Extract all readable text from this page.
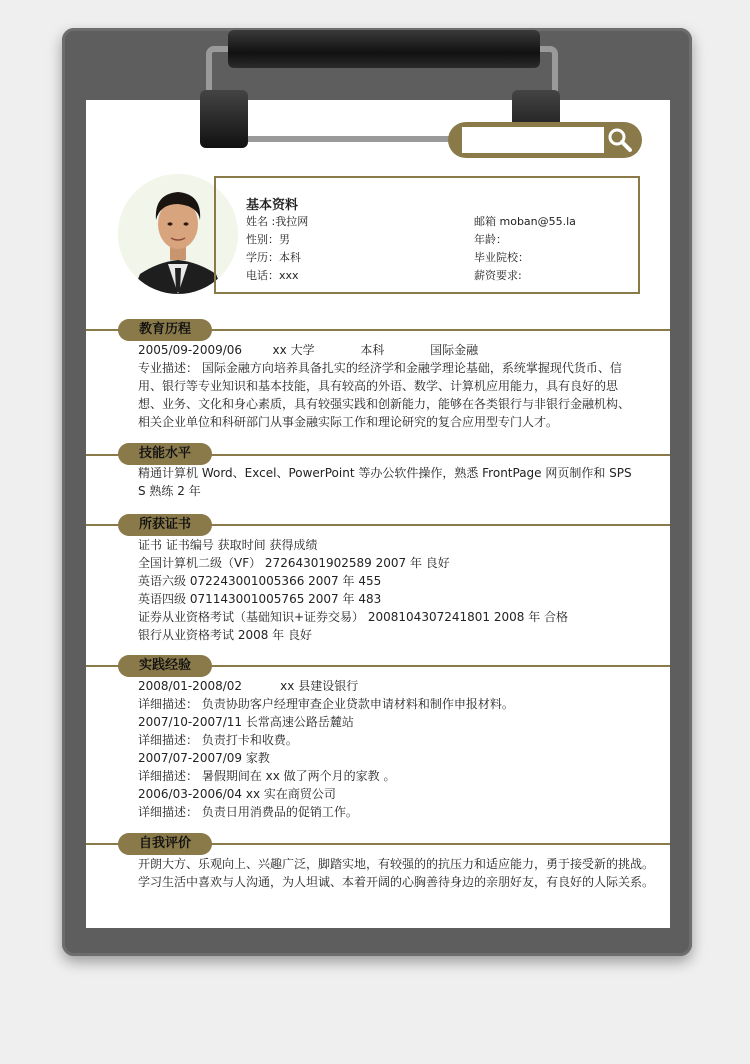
基本资料
姓名 :我拉网
性别：男
学历：本科
电话：xxx
邮箱 moban@55.la
年龄：
毕业院校：
薪资要求:
教育历程
2005/09-2009/06        xx 大学            本科            国际金融
专业描述： 国际金融方向培养具备扎实的经济学和金融学理论基础，系统掌握现代货币、信用、银行等专业知识和基本技能，具有较高的外语、数学、计算机应用能力，具有良好的思想、业务、文化和身心素质，具有较强实践和创新能力，能够在各类银行与非银行金融机构、相关企业单位和科研部门从事金融实际工作和理论研究的复合应用型专门人才。
技能水平
精通计算机 Word、Excel、PowerPoint 等办公软件操作，熟悉 FrontPage 网页制作和 SPSS 熟练 2 年
所获证书
证书 证书编号 获取时间 获得成绩
全国计算机二级（VF） 27264301902589 2007 年 良好
英语六级 072243001005366 2007 年 455
英语四级 071143001005765 2007 年 483
证券从业资格考试（基础知识+证券交易） 2008104307241801 2008 年 合格
银行从业资格考试 2008 年 良好
实践经验
2008/01-2008/02          xx 县建设银行
详细描述： 负责协助客户经理审查企业贷款申请材料和制作申报材料。
2007/10-2007/11 长常高速公路岳麓站
详细描述： 负责打卡和收费。
2007/07-2007/09 家教
详细描述： 暑假期间在 xx 做了两个月的家教 。
2006/03-2006/04 xx 实在商贸公司
详细描述： 负责日用消费品的促销工作。
自我评价
开朗大方、乐观向上、兴趣广泛，脚踏实地，有较强的的抗压力和适应能力，勇于接受新的挑战。
学习生活中喜欢与人沟通，为人坦诚、本着开阔的心胸善待身边的亲朋好友，有良好的人际关系。
